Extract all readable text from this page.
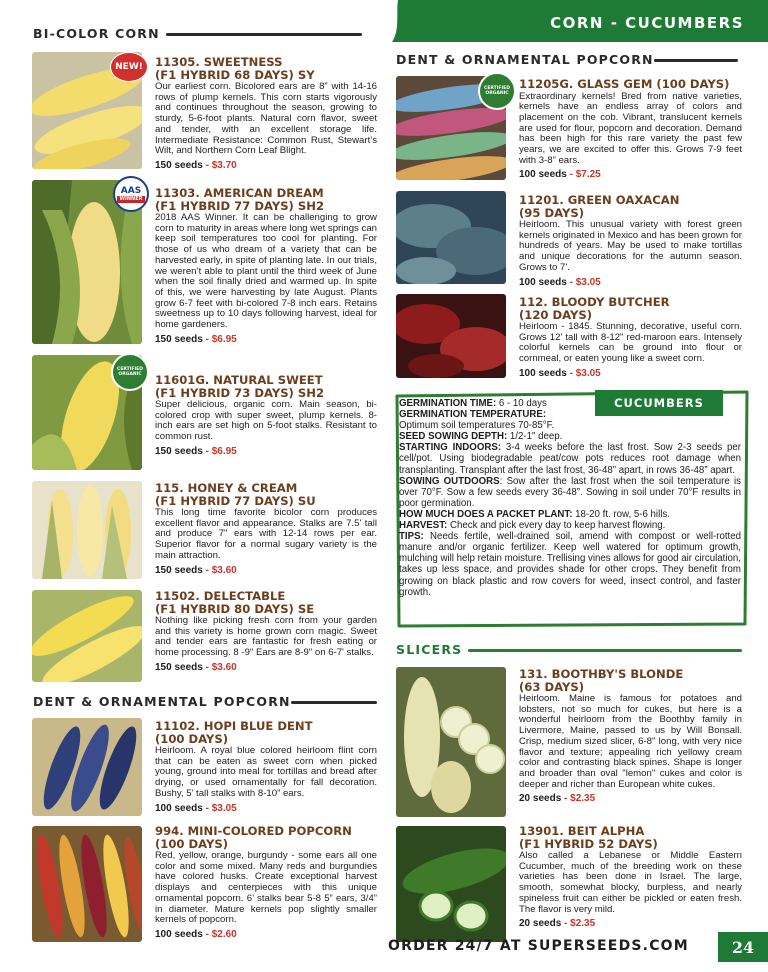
CORN - CUCUMBERS
BI-COLOR CORN
DENT & ORNAMENTAL POPCORN
DENT & ORNAMENTAL POPCORN
SLICERS
NEW!
AAS
WINNER
CERTIFIED ORGANIC
11305. SWEETNESS
(F1 HYBRID 68 DAYS) SY
Our earliest corn. Bicolored ears are 8” with 14-16 rows of plump kernels. This corn starts vigorously and continues throughout the season, growing to sturdy, 5-6-foot plants. Natural corn flavor, sweet and tender, with an excellent storage life. Intermediate Resistance: Common Rust, Stewart’s Wilt, and Northern Corn Leaf Blight.
150 seeds - $3.70
11303. AMERICAN DREAM
(F1 HYBRID 77 DAYS) SH2
2018 AAS Winner. It can be challenging to grow corn to maturity in areas where long wet springs can keep soil temperatures too cool for planting. For those of us who dream of a variety that can be harvested early, in spite of planting late. In our trials, we weren’t able to plant until the third week of June when the soil finally dried and warmed up. In spite of this, we were harvesting by late August. Plants grow 6-7 feet with bi-colored 7-8 inch ears. Retains sweetness up to 10 days following harvest, ideal for home gardeners.
150 seeds - $6.95
11601G. NATURAL SWEET
(F1 HYBRID 73 DAYS) SH2
Super delicious, organic corn. Main season, bi-colored crop with super sweet, plump kernels. 8-inch ears are set high on 5-foot stalks. Resistant to common rust.
150 seeds - $6.95
115. HONEY & CREAM
(F1 HYBRID 77 DAYS) SU
This long time favorite bicolor corn produces excellent flavor and appearance. Stalks are 7.5' tall and produce 7" ears with 12-14 rows per ear. Superior flavor for a normal sugary variety is the main attraction.
150 seeds - $3.60
11502. DELECTABLE
(F1 HYBRID 80 DAYS) SE
Nothing like picking fresh corn from your garden and this variety is home grown corn magic. Sweet and tender ears are fantastic for fresh eating or home processing. 8 -9" Ears are 8-9" on 6-7' stalks.
150 seeds - $3.60
11102. HOPI BLUE DENT
(100 DAYS)
Heirloom. A royal blue colored heirloom flint corn that can be eaten as sweet corn when picked young, ground into meal for tortillas and bread after drying, or used ornamentally for fall decoration. Bushy, 5’ tall stalks with 8-10” ears.
100 seeds - $3.05
994. MINI-COLORED POPCORN
(100 DAYS)
Red, yellow, orange, burgundy - some ears all one color and some mixed. Many reds and burgundies have colored husks. Create exceptional harvest displays and centerpieces with this unique ornamental popcorn. 6’ stalks bear 5-8 5” ears, 3/4” in diameter. Mature kernels pop slightly smaller kernels of popcorn.
100 seeds - $2.60
CERTIFIED ORGANIC
11205G. GLASS GEM (100 DAYS)
Extraordinary kernels! Bred from native varieties, kernels have an endless array of colors and placement on the cob. Vibrant, translucent kernels are used for flour, popcorn and decoration. Demand has been high for this rare variety the past few years, we are excited to offer this. Grows 7-9 feet with 3-8” ears.
100 seeds - $7.25
11201. GREEN OAXACAN
(95 DAYS)
Heirloom. This unusual variety with forest green kernels originated in Mexico and has been grown for hundreds of years. May be used to make tortillas and unique decorations for the autumn season. Grows to 7'.
100 seeds - $3.05
112. BLOODY BUTCHER
(120 DAYS)
Heirloom - 1845. Stunning, decorative, useful corn. Grows 12' tall with 8-12" red-maroon ears. Intensely colorful kernels can be ground into flour or cornmeal, or eaten young like a sweet corn.
100 seeds - $3.05
CUCUMBERS
GERMINATION TIME: 6 - 10 days
GERMINATION TEMPERATURE:
Optimum soil temperatures 70-85°F.
SEED SOWING DEPTH: 1/2-1" deep.
STARTING INDOORS: 3-4 weeks before the last frost. Sow 2-3 seeds per cell/pot. Using biodegradable peat/cow pots reduces root damage when transplanting. Transplant after the last frost, 36-48” apart, in rows 36-48” apart.
SOWING OUTDOORS: Sow after the last frost when the soil temperature is over 70°F. Sow a few seeds every 36-48”. Sowing in soil under 70°F results in poor germination.
HOW MUCH DOES A PACKET PLANT: 18-20 ft. row, 5-6 hills.
HARVEST: Check and pick every day to keep harvest flowing.
TIPS: Needs fertile, well-drained soil, amend with compost or well-rotted manure and/or organic fertilizer. Keep well watered for optimum growth, mulching will help retain moisture. Trellising vines allows for good air circulation, takes up less space, and provides shade for other crops. They benefit from growing on black plastic and row covers for weed, insect control, and faster growth.
131. BOOTHBY'S BLONDE
(63 DAYS)
Heirloom. Maine is famous for potatoes and lobsters, not so much for cukes, but here is a wonderful heirloom from the Boothby family in Livermore, Maine, passed to us by Will Bonsall. Crisp, medium sized slicer, 6-8" long, with very nice flavor and texture; appealing rich yellowy cream color and contrasting black spines. Shape is longer and broader than oval "lemon" cukes and color is deeper and richer than European white cukes.
20 seeds - $2.35
13901. BEIT ALPHA
(F1 HYBRID 52 DAYS)
Also called a Lebanese or Middle Eastern Cucumber, much of the breeding work on these varieties has been done in Israel. The large, smooth, somewhat blocky, burpless, and nearly spineless fruit can either be pickled or eaten fresh. The flavor is very mild.
20 seeds - $2.35
ORDER 24/7 AT SUPERSEEDS.COM	24
